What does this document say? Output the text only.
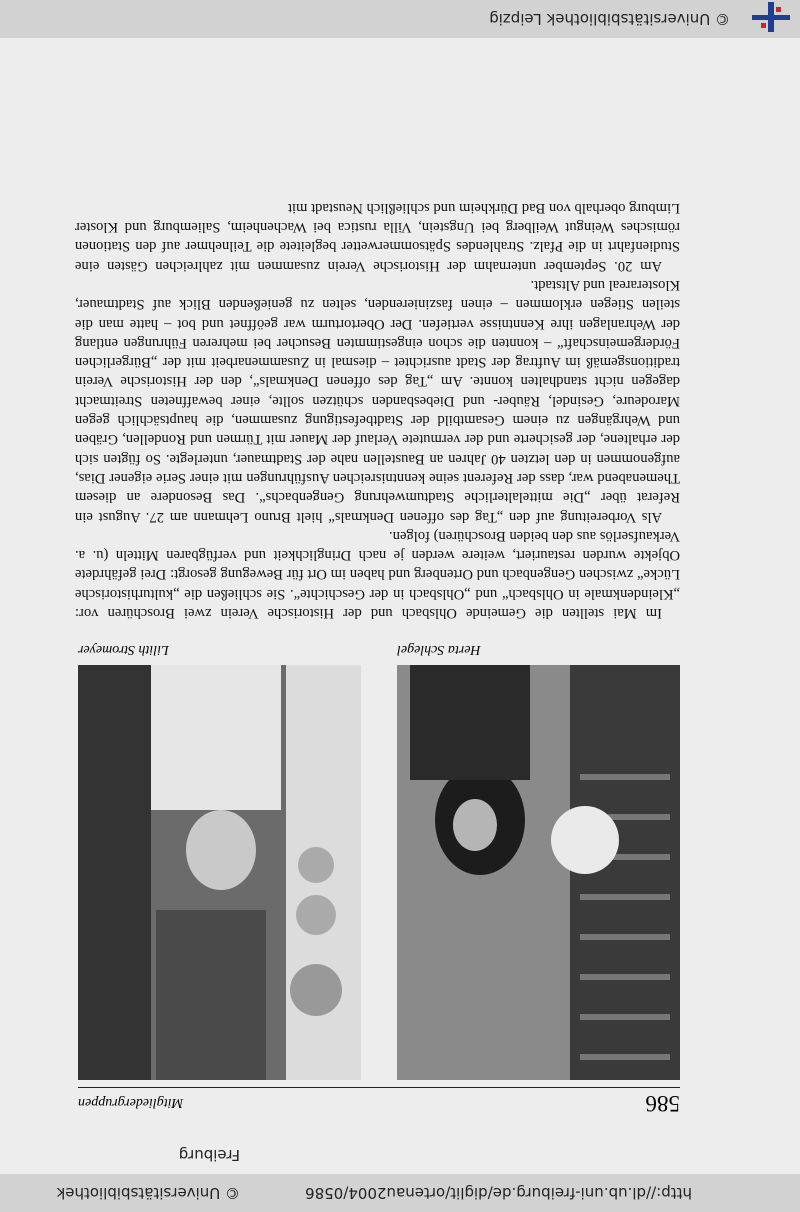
http://dl.ub.uni-freiburg.de/diglit/ortenau2004/0586
© Universitätsbibliothek Freiburg
586
Mitgliedergruppen
Herta Schlegel
Lilith Stromeyer

Im Mai stellten die Gemeinde Ohlsbach und der Historische Verein zwei Broschüren vor: „Kleindenkmale in Ohlsbach“ und „Ohlsbach in der Geschichte“. Sie schließen die „kulturhistorische Lücke“ zwischen Gengenbach und Ortenberg und haben im Ort für Bewegung gesorgt: Drei gefährdete Objekte wurden restauriert, weitere werden je nach Dringlichkeit und verfügbaren Mitteln (u. a. Verkaufserlös aus den beiden Broschüren) folgen.

Als Vorbereitung auf den „Tag des offenen Denkmals“ hielt Bruno Lehmann am 27. August ein Referat über „Die mittelalterliche Stadtumwehrung Gengenbachs“. Das Besondere an diesem Themenabend war, dass der Referent seine kenntnisreichen Ausführungen mit einer Serie eigener Dias, aufgenommen in den letzten 40 Jahren an Baustellen nahe der Stadtmauer, unterlegte. So fügten sich der erhaltene, der gesicherte und der vermutete Verlauf der Mauer mit Türmen und Rondellen, Gräben und Wehrgängen zu einem Gesamtbild der Stadtbefestigung zusammen, die hauptsächlich gegen Marodeure, Gesindel, Räuber- und Diebesbanden schützen sollte, einer bewaffneten Streitmacht dagegen nicht standhalten konnte. Am „Tag des offenen Denkmals“, den der Historische Verein traditionsgemäß im Auftrag der Stadt ausrichtet – diesmal in Zusammenarbeit mit der „Bürgerlichen Fördergemeinschaft“ – konnten die schon eingestimmten Besucher bei mehreren Führungen entlang der Wehranlagen ihre Kenntnisse vertiefen. Der Obertorturm war geöffnet und bot – hatte man die steilen Stiegen erklommen – einen faszinierenden, selten zu genießenden Blick auf Stadtmauer, Klosterareal und Altstadt.

Am 20. September unternahm der Historische Verein zusammen mit zahlreichen Gästen eine Studienfahrt in die Pfalz. Strahlendes Spätsommerwetter begleitete die Teilnehmer auf den Stationen römisches Weingut Weilberg bei Ungstein, Villa rustica bei Wachenheim, Saliemburg und Kloster Limburg oberhalb von Bad Dürkheim und schließlich Neustadt mit

© Universitätsbibliothek Leipzig
